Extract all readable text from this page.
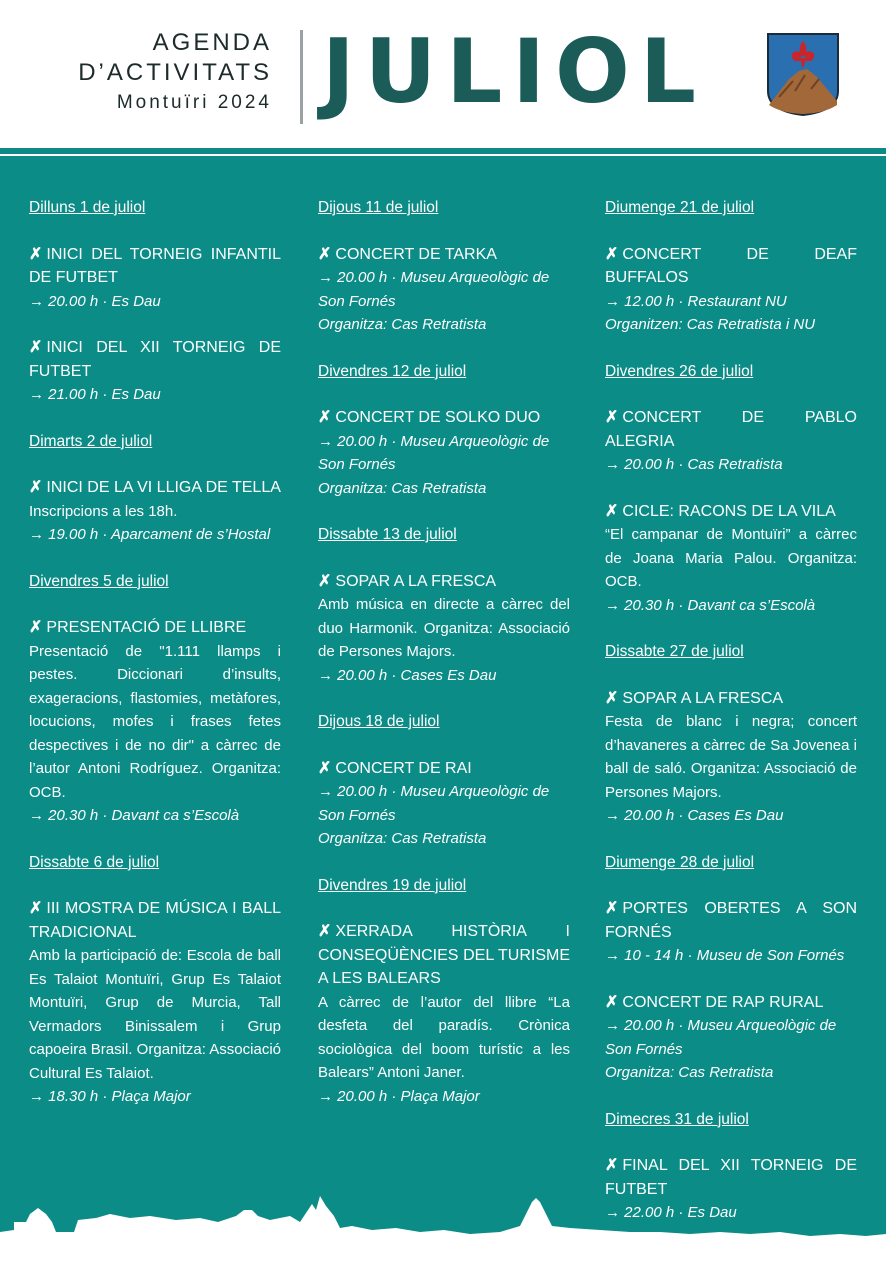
AGENDA
D’ACTIVITATS
Montuïri 2024 JULIOL
Dilluns 1 de juliol
✗ INICI DEL TORNEIG INFANTIL DE FUTBET
→ 20.00 h · Es Dau
✗ INICI DEL XII TORNEIG DE FUTBET
→ 21.00 h · Es Dau
Dimarts 2 de juliol
✗ INICI DE LA VI LLIGA DE TELLA
Inscripcions a les 18h.
→ 19.00 h · Aparcament de s’Hostal
Divendres 5 de juliol
✗ PRESENTACIÓ DE LLIBRE
Presentació de "1.111 llamps i pestes. Diccionari d’insults, exageracions, flastomies, metàfores, locucions, mofes i frases fetes despectives i de no dir" a càrrec de l’autor Antoni Rodríguez. Organitza: OCB.
→ 20.30 h · Davant ca s’Escolà
Dissabte 6 de juliol
✗ III MOSTRA DE MÚSICA I BALL TRADICIONAL
Amb la participació de: Escola de ball Es Talaiot Montuïri, Grup Es Talaiot Montuïri, Grup de Murcia, Tall Vermadors Binissalem i Grup capoeira Brasil. Organitza: Associació Cultural Es Talaiot.
→ 18.30 h · Plaça Major
Dijous 11 de juliol
✗ CONCERT DE TARKA
→ 20.00 h · Museu Arqueològic de Son Fornés
Organitza: Cas Retratista
Divendres 12 de juliol
✗ CONCERT DE SOLKO DUO
→ 20.00 h · Museu Arqueològic de Son Fornés
Organitza: Cas Retratista
Dissabte 13 de juliol
✗ SOPAR A LA FRESCA
Amb música en directe a càrrec del duo Harmonik. Organitza: Associació de Persones Majors.
→ 20.00 h · Cases Es Dau
Dijous 18 de juliol
✗ CONCERT DE RAI
→ 20.00 h · Museu Arqueològic de Son Fornés
Organitza: Cas Retratista
Divendres 19 de juliol
✗ XERRADA HISTÒRIA I CONSEQÜÈNCIES DEL TURISME A LES BALEARS
A càrrec de l’autor del llibre “La desfeta del paradís. Crònica sociològica del boom turístic a les Balears” Antoni Janer.
→ 20.00 h · Plaça Major
Diumenge 21 de juliol
✗ CONCERT DE DEAF BUFFALOS
→ 12.00 h · Restaurant NU
Organitzen: Cas Retratista i NU
Divendres 26 de juliol
✗ CONCERT DE PABLO ALEGRIA
→ 20.00 h · Cas Retratista
✗ CICLE: RACONS DE LA VILA
“El campanar de Montuïri” a càrrec de Joana Maria Palou. Organitza: OCB.
→ 20.30 h · Davant ca s’Escolà
Dissabte 27 de juliol
✗ SOPAR A LA FRESCA
Festa de blanc i negra; concert d’havaneres a càrrec de Sa Jovenea i ball de saló. Organitza: Associació de Persones Majors.
→ 20.00 h · Cases Es Dau
Diumenge 28 de juliol
✗ PORTES OBERTES A SON FORNÉS
→ 10 - 14 h · Museu de Son Fornés
✗ CONCERT DE RAP RURAL
→ 20.00 h · Museu Arqueològic de Son Fornés
Organitza: Cas Retratista
Dimecres 31 de juliol
✗ FINAL DEL XII TORNEIG DE FUTBET
→ 22.00 h · Es Dau
